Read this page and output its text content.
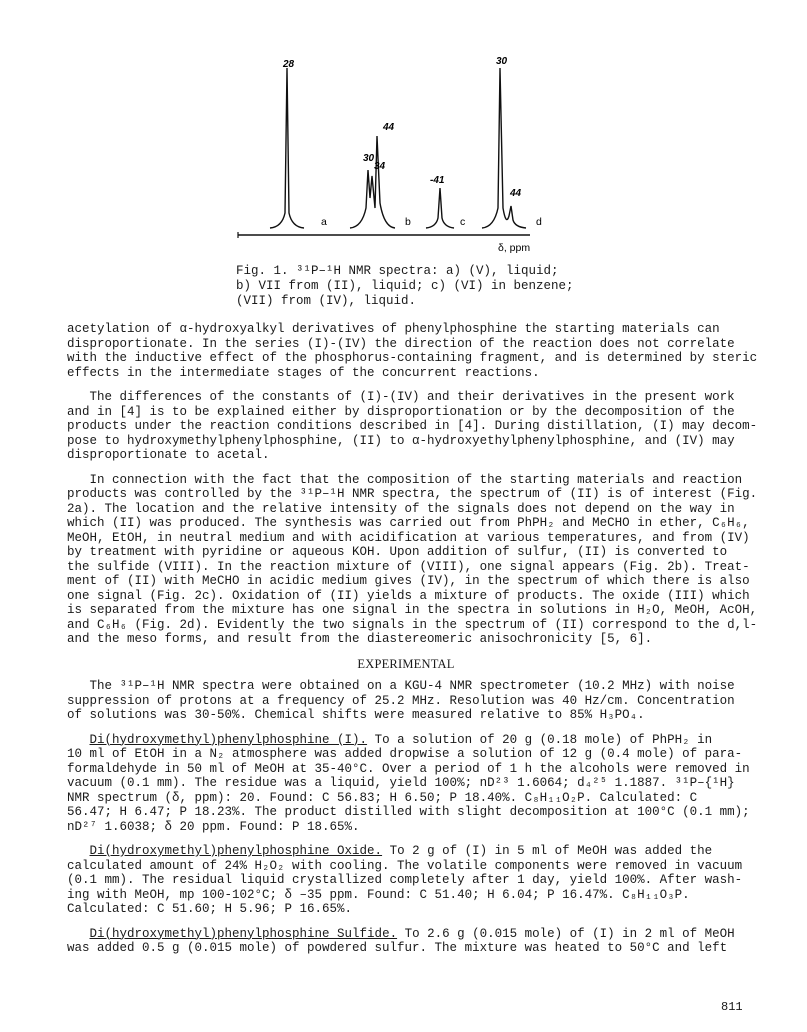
28	30
44
34
30
-41
44
a	b	c	d
δ, ppm
Fig. 1. ³¹P–¹H NMR spectra: a) (V), liquid;
b) VII from (II), liquid; c) (VI) in benzene;
(VII) from (IV), liquid.
acetylation of α-hydroxyalkyl derivatives of phenylphosphine the starting materials can
disproportionate. In the series (I)-(IV) the direction of the reaction does not correlate
with the inductive effect of the phosphorus-containing fragment, and is determined by steric
effects in the intermediate stages of the concurrent reactions.
The differences of the constants of (I)-(IV) and their derivatives in the present work
and in [4] is to be explained either by disproportionation or by the decomposition of the
products under the reaction conditions described in [4]. During distillation, (I) may decom-
pose to hydroxymethylphenylphosphine, (II) to α-hydroxyethylphenylphosphine, and (IV) may
disproportionate to acetal.
In connection with the fact that the composition of the starting materials and reaction
products was controlled by the ³¹P–¹H NMR spectra, the spectrum of (II) is of interest (Fig.
2a). The location and the relative intensity of the signals does not depend on the way in
which (II) was produced. The synthesis was carried out from PhPH₂ and MeCHO in ether, C₆H₆,
MeOH, EtOH, in neutral medium and with acidification at various temperatures, and from (IV)
by treatment with pyridine or aqueous KOH. Upon addition of sulfur, (II) is converted to
the sulfide (VIII). In the reaction mixture of (VIII), one signal appears (Fig. 2b). Treat-
ment of (II) with MeCHO in acidic medium gives (IV), in the spectrum of which there is also
one signal (Fig. 2c). Oxidation of (II) yields a mixture of products. The oxide (III) which
is separated from the mixture has one signal in the spectra in solutions in H₂O, MeOH, AcOH,
and C₆H₆ (Fig. 2d). Evidently the two signals in the spectrum of (II) correspond to the d,l-
and the meso forms, and result from the diastereomeric anisochronicity [5, 6].
EXPERIMENTAL
The ³¹P–¹H NMR spectra were obtained on a KGU-4 NMR spectrometer (10.2 MHz) with noise
suppression of protons at a frequency of 25.2 MHz. Resolution was 40 Hz/cm. Concentration
of solutions was 30-50%. Chemical shifts were measured relative to 85% H₃PO₄.
Di(hydroxymethyl)phenylphosphine (I). To a solution of 20 g (0.18 mole) of PhPH₂ in
10 ml of EtOH in a N₂ atmosphere was added dropwise a solution of 12 g (0.4 mole) of para-
formaldehyde in 50 ml of MeOH at 35-40°C. Over a period of 1 h the alcohols were removed in
vacuum (0.1 mm). The residue was a liquid, yield 100%; nD²³ 1.6064; d₄²⁵ 1.1887. ³¹P–{¹H}
NMR spectrum (δ, ppm): 20. Found: C 56.83; H 6.50; P 18.40%. C₈H₁₁O₂P. Calculated: C
56.47; H 6.47; P 18.23%. The product distilled with slight decomposition at 100°C (0.1 mm);
nD²⁷ 1.6038; δ 20 ppm. Found: P 18.65%.
Di(hydroxymethyl)phenylphosphine Oxide. To 2 g of (I) in 5 ml of MeOH was added the
calculated amount of 24% H₂O₂ with cooling. The volatile components were removed in vacuum
(0.1 mm). The residual liquid crystallized completely after 1 day, yield 100%. After wash-
ing with MeOH, mp 100-102°C; δ –35 ppm. Found: C 51.40; H 6.04; P 16.47%. C₈H₁₁O₃P.
Calculated: C 51.60; H 5.96; P 16.65%.
Di(hydroxymethyl)phenylphosphine Sulfide. To 2.6 g (0.015 mole) of (I) in 2 ml of MeOH
was added 0.5 g (0.015 mole) of powdered sulfur. The mixture was heated to 50°C and left
811
